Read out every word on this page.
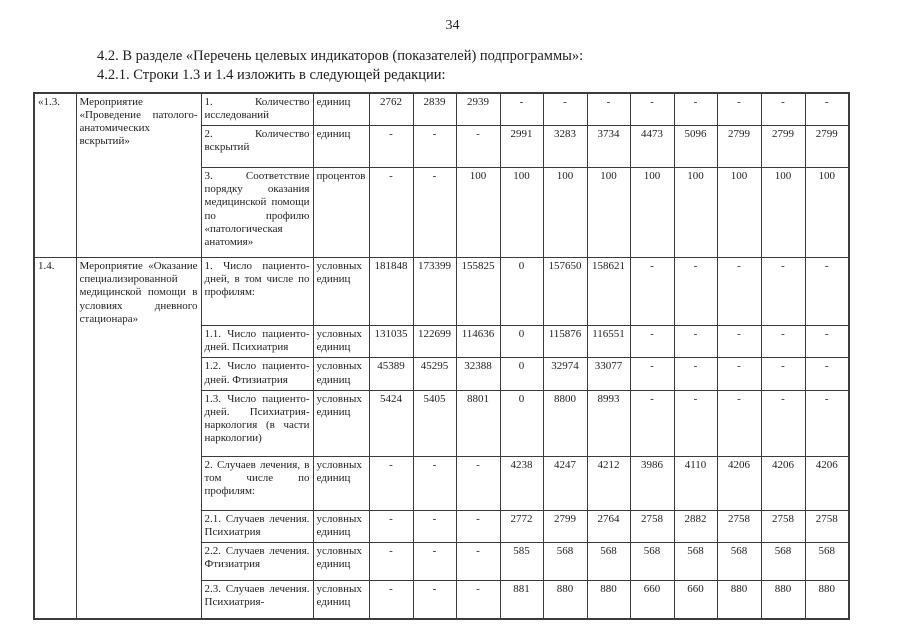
34

4.2. В разделе «Перечень целевых индикаторов (показателей) подпрограммы»:

4.2.1. Строки 1.3 и 1.4 изложить в следующей редакции:

«1.3.	Мероприятие «Проведение патолого-анатомических вскрытий»	1. Количество исследований	единиц	2762	2839	2939	-	-	-	-	-	-	-	-
		2. Количество вскрытий	единиц	-	-	-	2991	3283	3734	4473	5096	2799	2799	2799
		3. Соответствие порядку оказания медицинской помощи по профилю «патологическая анатомия»	процентов	-	-	100	100	100	100	100	100	100	100	100
1.4.	Мероприятие «Оказание специализированной медицинской помощи в условиях дневного стационара»	1. Число пациенто-дней, в том числе по профилям:	условных единиц	181848	173399	155825	0	157650	158621	-	-	-	-	-
		1.1. Число пациенто-дней. Психиатрия	условных единиц	131035	122699	114636	0	115876	116551	-	-	-	-	-
		1.2. Число пациенто-дней. Фтизиатрия	условных единиц	45389	45295	32388	0	32974	33077	-	-	-	-	-
		1.3. Число пациенто-дней. Психиатрия-наркология (в части наркологии)	условных единиц	5424	5405	8801	0	8800	8993	-	-	-	-	-
		2. Случаев лечения, в том числе по профилям:	условных единиц	-	-	-	4238	4247	4212	3986	4110	4206	4206	4206
		2.1. Случаев лечения. Психиатрия	условных единиц	-	-	-	2772	2799	2764	2758	2882	2758	2758	2758
		2.2. Случаев лечения. Фтизиатрия	условных единиц	-	-	-	585	568	568	568	568	568	568	568
		2.3. Случаев лечения. Психиатрия-	условных единиц	-	-	-	881	880	880	660	660	880	880	880
